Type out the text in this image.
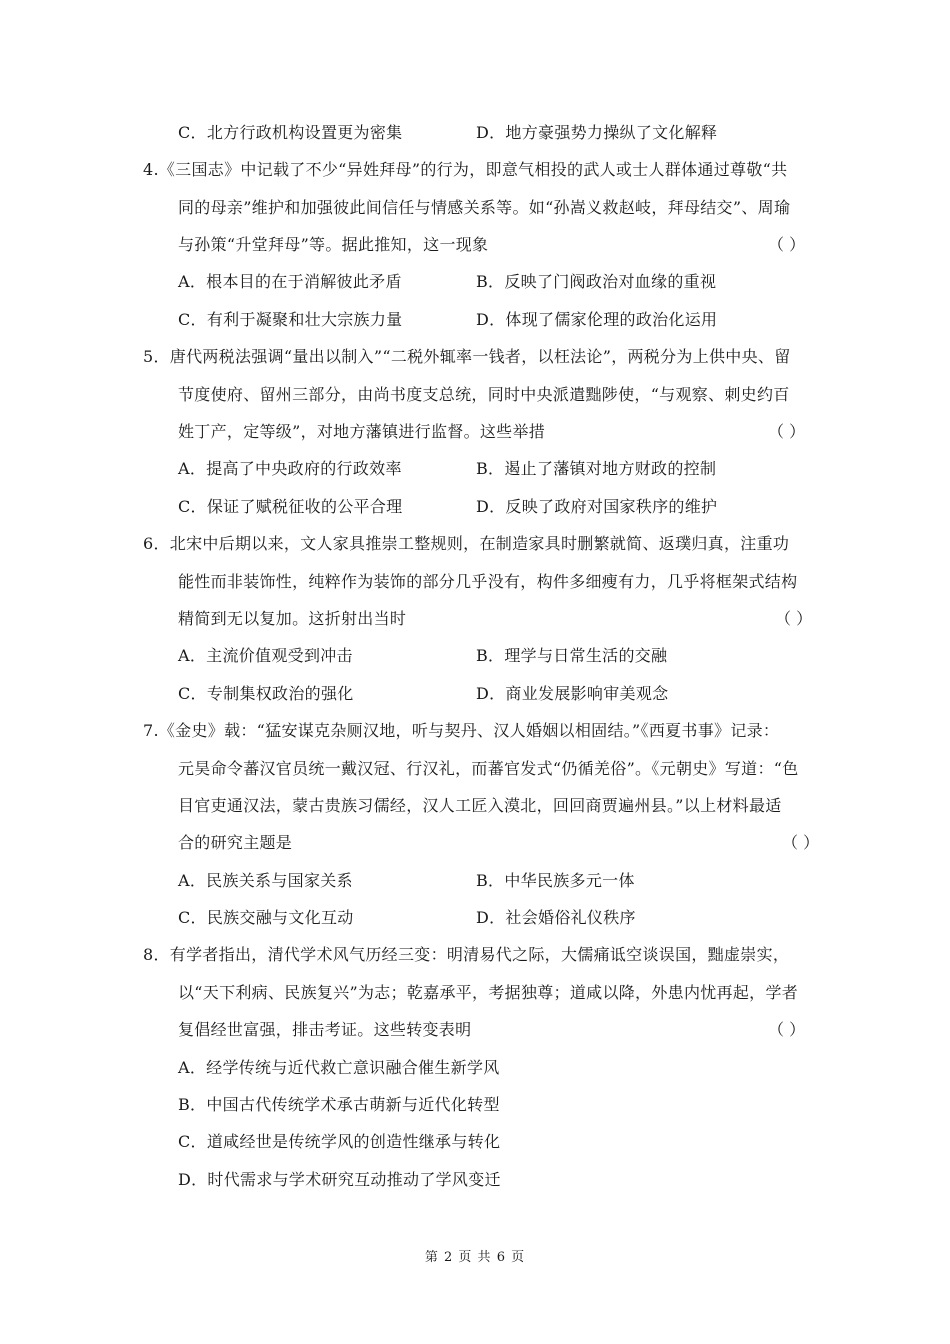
C．北方行政机构设置更为密集	D．地方豪强势力操纵了文化解释
4.《三国志》中记载了不少“异姓拜母”的行为，即意气相投的武人或士人群体通过尊敬“共
同的母亲”维护和加强彼此间信任与情感关系等。如“孙嵩义救赵岐，拜母结交”、周瑜
与孙策“升堂拜母”等。据此推知，这一现象	（ ）
A．根本目的在于消解彼此矛盾	B．反映了门阀政治对血缘的重视
C．有利于凝聚和壮大宗族力量	D．体现了儒家伦理的政治化运用
5．唐代两税法强调“量出以制入”“二税外辄率一钱者，以枉法论”，两税分为上供中央、留
节度使府、留州三部分，由尚书度支总统，同时中央派遣黜陟使，“与观察、刺史约百
姓丁产，定等级”，对地方藩镇进行监督。这些举措	（ ）
A．提高了中央政府的行政效率	B．遏止了藩镇对地方财政的控制
C．保证了赋税征收的公平合理	D．反映了政府对国家秩序的维护
6．北宋中后期以来，文人家具推崇工整规则，在制造家具时删繁就简、返璞归真，注重功
能性而非装饰性，纯粹作为装饰的部分几乎没有，构件多细瘦有力，几乎将框架式结构
精简到无以复加。这折射出当时	（ ）
A．主流价值观受到冲击	B．理学与日常生活的交融
C．专制集权政治的强化	D．商业发展影响审美观念
7.《金史》载：“猛安谋克杂厕汉地，听与契丹、汉人婚姻以相固结。”《西夏书事》记录：
元昊命令蕃汉官员统一戴汉冠、行汉礼，而蕃官发式“仍循羌俗”。《元朝史》写道：“色
目官吏通汉法，蒙古贵族习儒经，汉人工匠入漠北，回回商贾遍州县。”以上材料最适
合的研究主题是	（ ）
A．民族关系与国家关系	B．中华民族多元一体
C．民族交融与文化互动	D．社会婚俗礼仪秩序
8．有学者指出，清代学术风气历经三变：明清易代之际，大儒痛诋空谈误国，黜虚崇实，
以“天下利病、民族复兴”为志；乾嘉承平，考据独尊；道咸以降，外患内忧再起，学者
复倡经世富强，排击考证。这些转变表明	（ ）
A．经学传统与近代救亡意识融合催生新学风
B．中国古代传统学术承古萌新与近代化转型
C．道咸经世是传统学风的创造性继承与转化
D．时代需求与学术研究互动推动了学风变迁
第 2 页 共 6 页
